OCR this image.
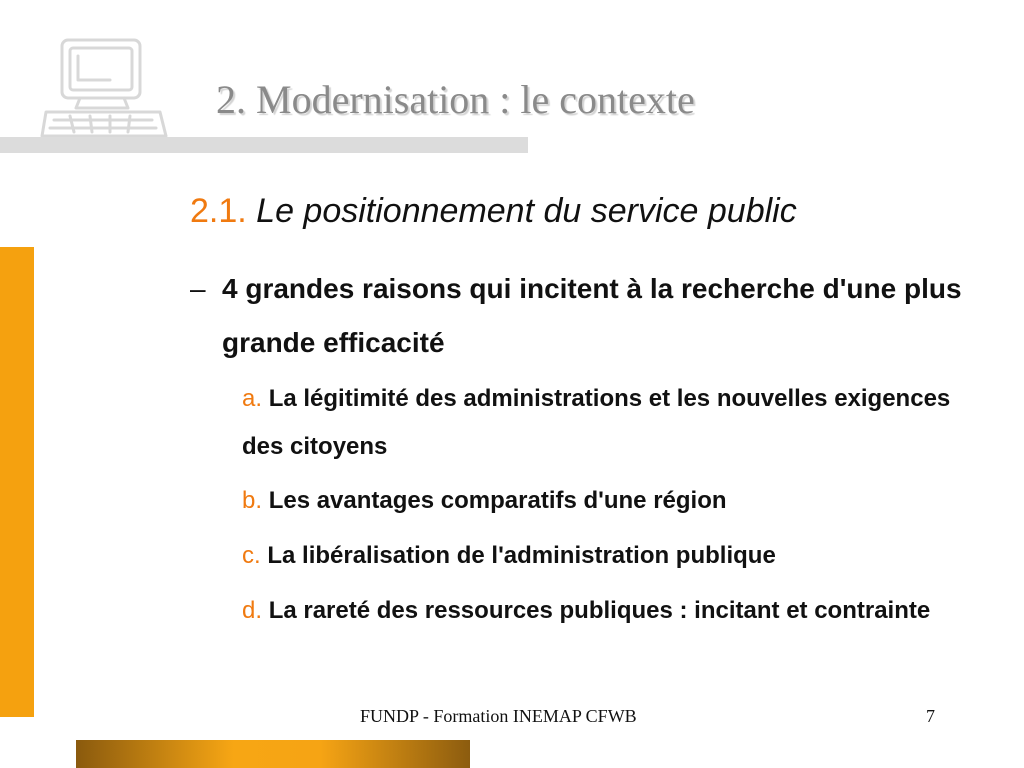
2. Modernisation : le contexte
2.1. Le positionnement du service public
– 4 grandes raisons qui incitent à la recherche d'une plus grande efficacité
a. La légitimité des administrations et les nouvelles exigences des citoyens
b. Les avantages comparatifs d'une région
c. La libéralisation de l'administration publique
d. La rareté des ressources publiques : incitant et contrainte
FUNDP - Formation INEMAP CFWB	7
